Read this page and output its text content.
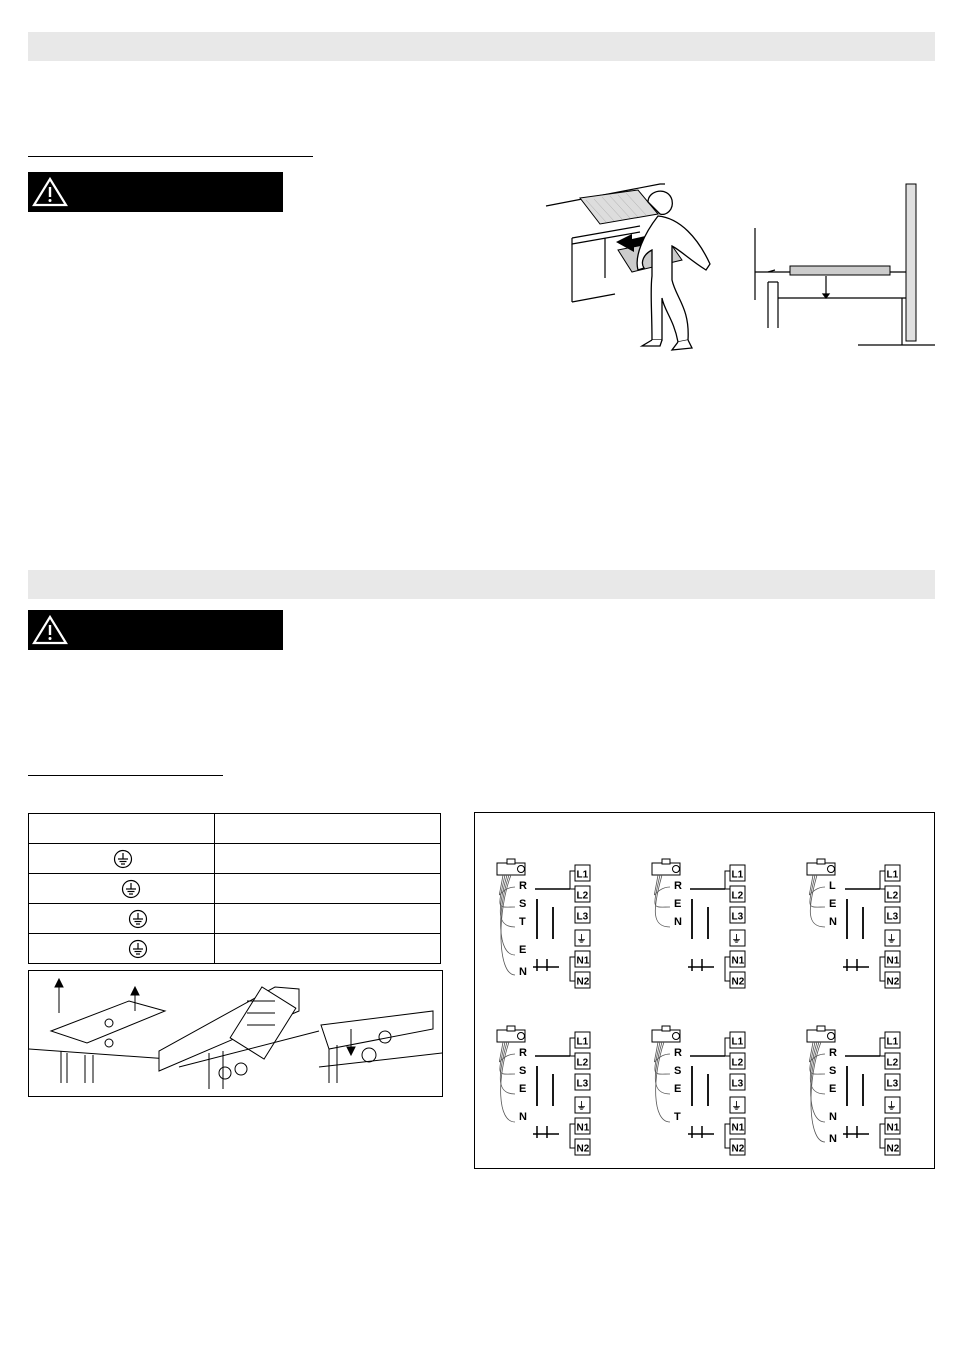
R
S
T
E
N
L1
L2
L3
⏚
N1
N2
R
E
N
L1
L2
L3
⏚
N1
N2
L
E
N
L1
L2
L3
⏚
N1
N2
R
S
E
N
L1
L2
L3
⏚
N1
N2
R
S
E
T
L1
L2
L3
⏚
N1
N2
R
S
E
N
N
L1
L2
L3
⏚
N1
N2
